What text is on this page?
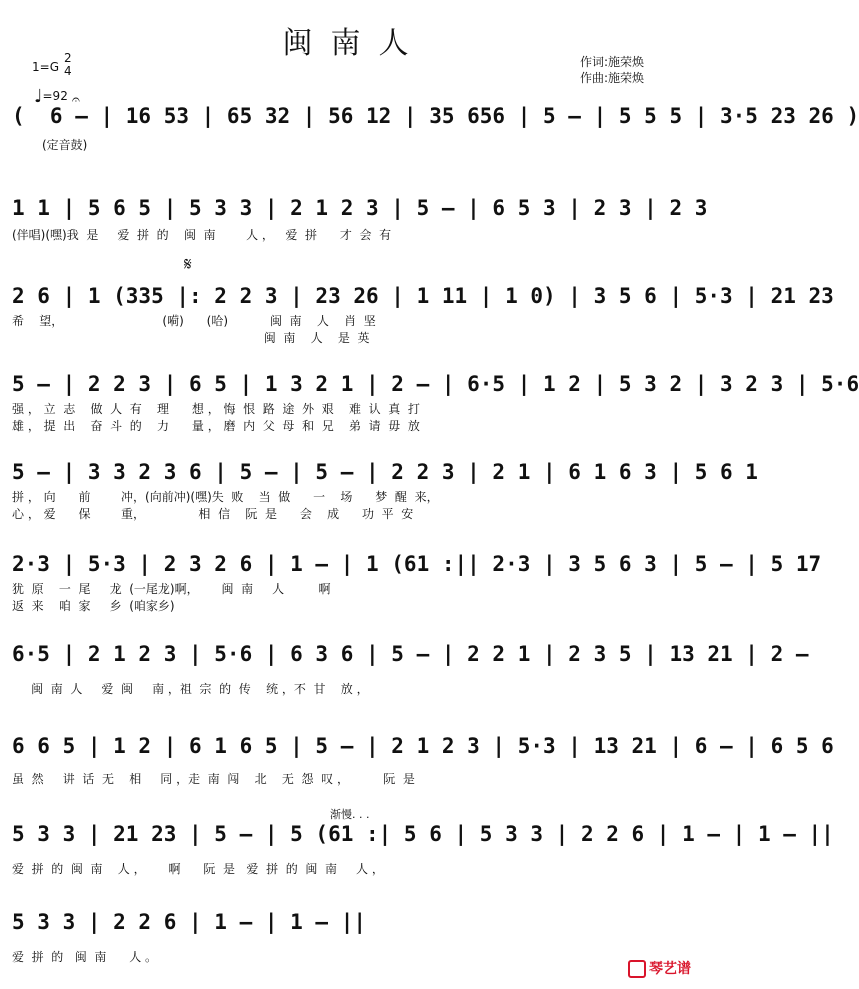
闽南人
作词:施荣焕
作曲:施荣焕
1=G
2
4
♩=92 𝄐
𝄋
渐慢. . .
(  6 — | 16 53 | 65 32 | 56 12 | 35 656 | 5 — | 5 5 5 | 3·5 23 26 )
(定音鼓)
1 1 | 5 6 5 | 5 3 3 | 2 1 2 3 | 5 — | 6 5 3 | 2 3 | 2 3
(伴唱)(嘿)我  是     爱  拼  的    闽  南        人 ，   爱  拼      才  会  有
2 6 | 1 (335 |: 2 2 3 | 23 26 | 1 11 | 1 0) | 3 5 6 | 5·3 | 21 23
希    望，                          (嗬)      (哈)           闽  南    人    肖  坚
闽  南    人    是  英
5 — | 2 2 3 | 6 5 | 1 3 2 1 | 2 — | 6·5 | 1 2 | 5 3 2 | 3 2 3 | 5·6
强 ， 立  志    做  人  有    理      想 ， 悔  恨  路  途  外  艰    难  认  真  打
雄 ， 提  出    奋  斗  的    力      量 ， 磨  内  父  母  和  兄    弟  请  毋  放
5 — | 3 3 2 3 6 | 5 — | 5 — | 2 2 3 | 2 1 | 6 1 6 3 | 5 6 1
拼 ， 向      前        冲，(向前冲)(嘿)失  败    当  做      一    场      梦  醒  来，
心 ， 爱      保        重，              相  信    阮  是      会    成      功  平  安
2·3 | 5·3 | 2 3 2 6 | 1 — | 1 (61 :|| 2·3 | 3 5 6 3 | 5 — | 5 17
犹  原    一  尾     龙  (一尾龙)啊，      闽  南     人         啊
返  来    咱  家     乡  (咱家乡)
6·5 | 2 1 2 3 | 5·6 | 6 3 6 | 5 — | 2 2 1 | 2 3 5 | 13 21 | 2 —
闽  南  人     爱  闽     南 ，祖  宗  的  传    统 ，不  甘    放 ，
6 6 5 | 1 2 | 6 1 6 5 | 5 — | 2 1 2 3 | 5·3 | 13 21 | 6 — | 6 5 6
虽  然     讲  话  无    相     同 ，走  南  闯    北    无  怨  叹 ，         阮  是
5 3 3 | 21 23 | 5 — | 5 (61 :| 5 6 | 5 3 3 | 2 2 6 | 1 — | 1 — ||
爱  拼  的  闽  南    人 ，      啊      阮  是   爱  拼  的  闽  南     人 ，
5 3 3 | 2 2 6 | 1 — | 1 — ||
爱  拼  的   闽  南      人 。
琴艺谱
